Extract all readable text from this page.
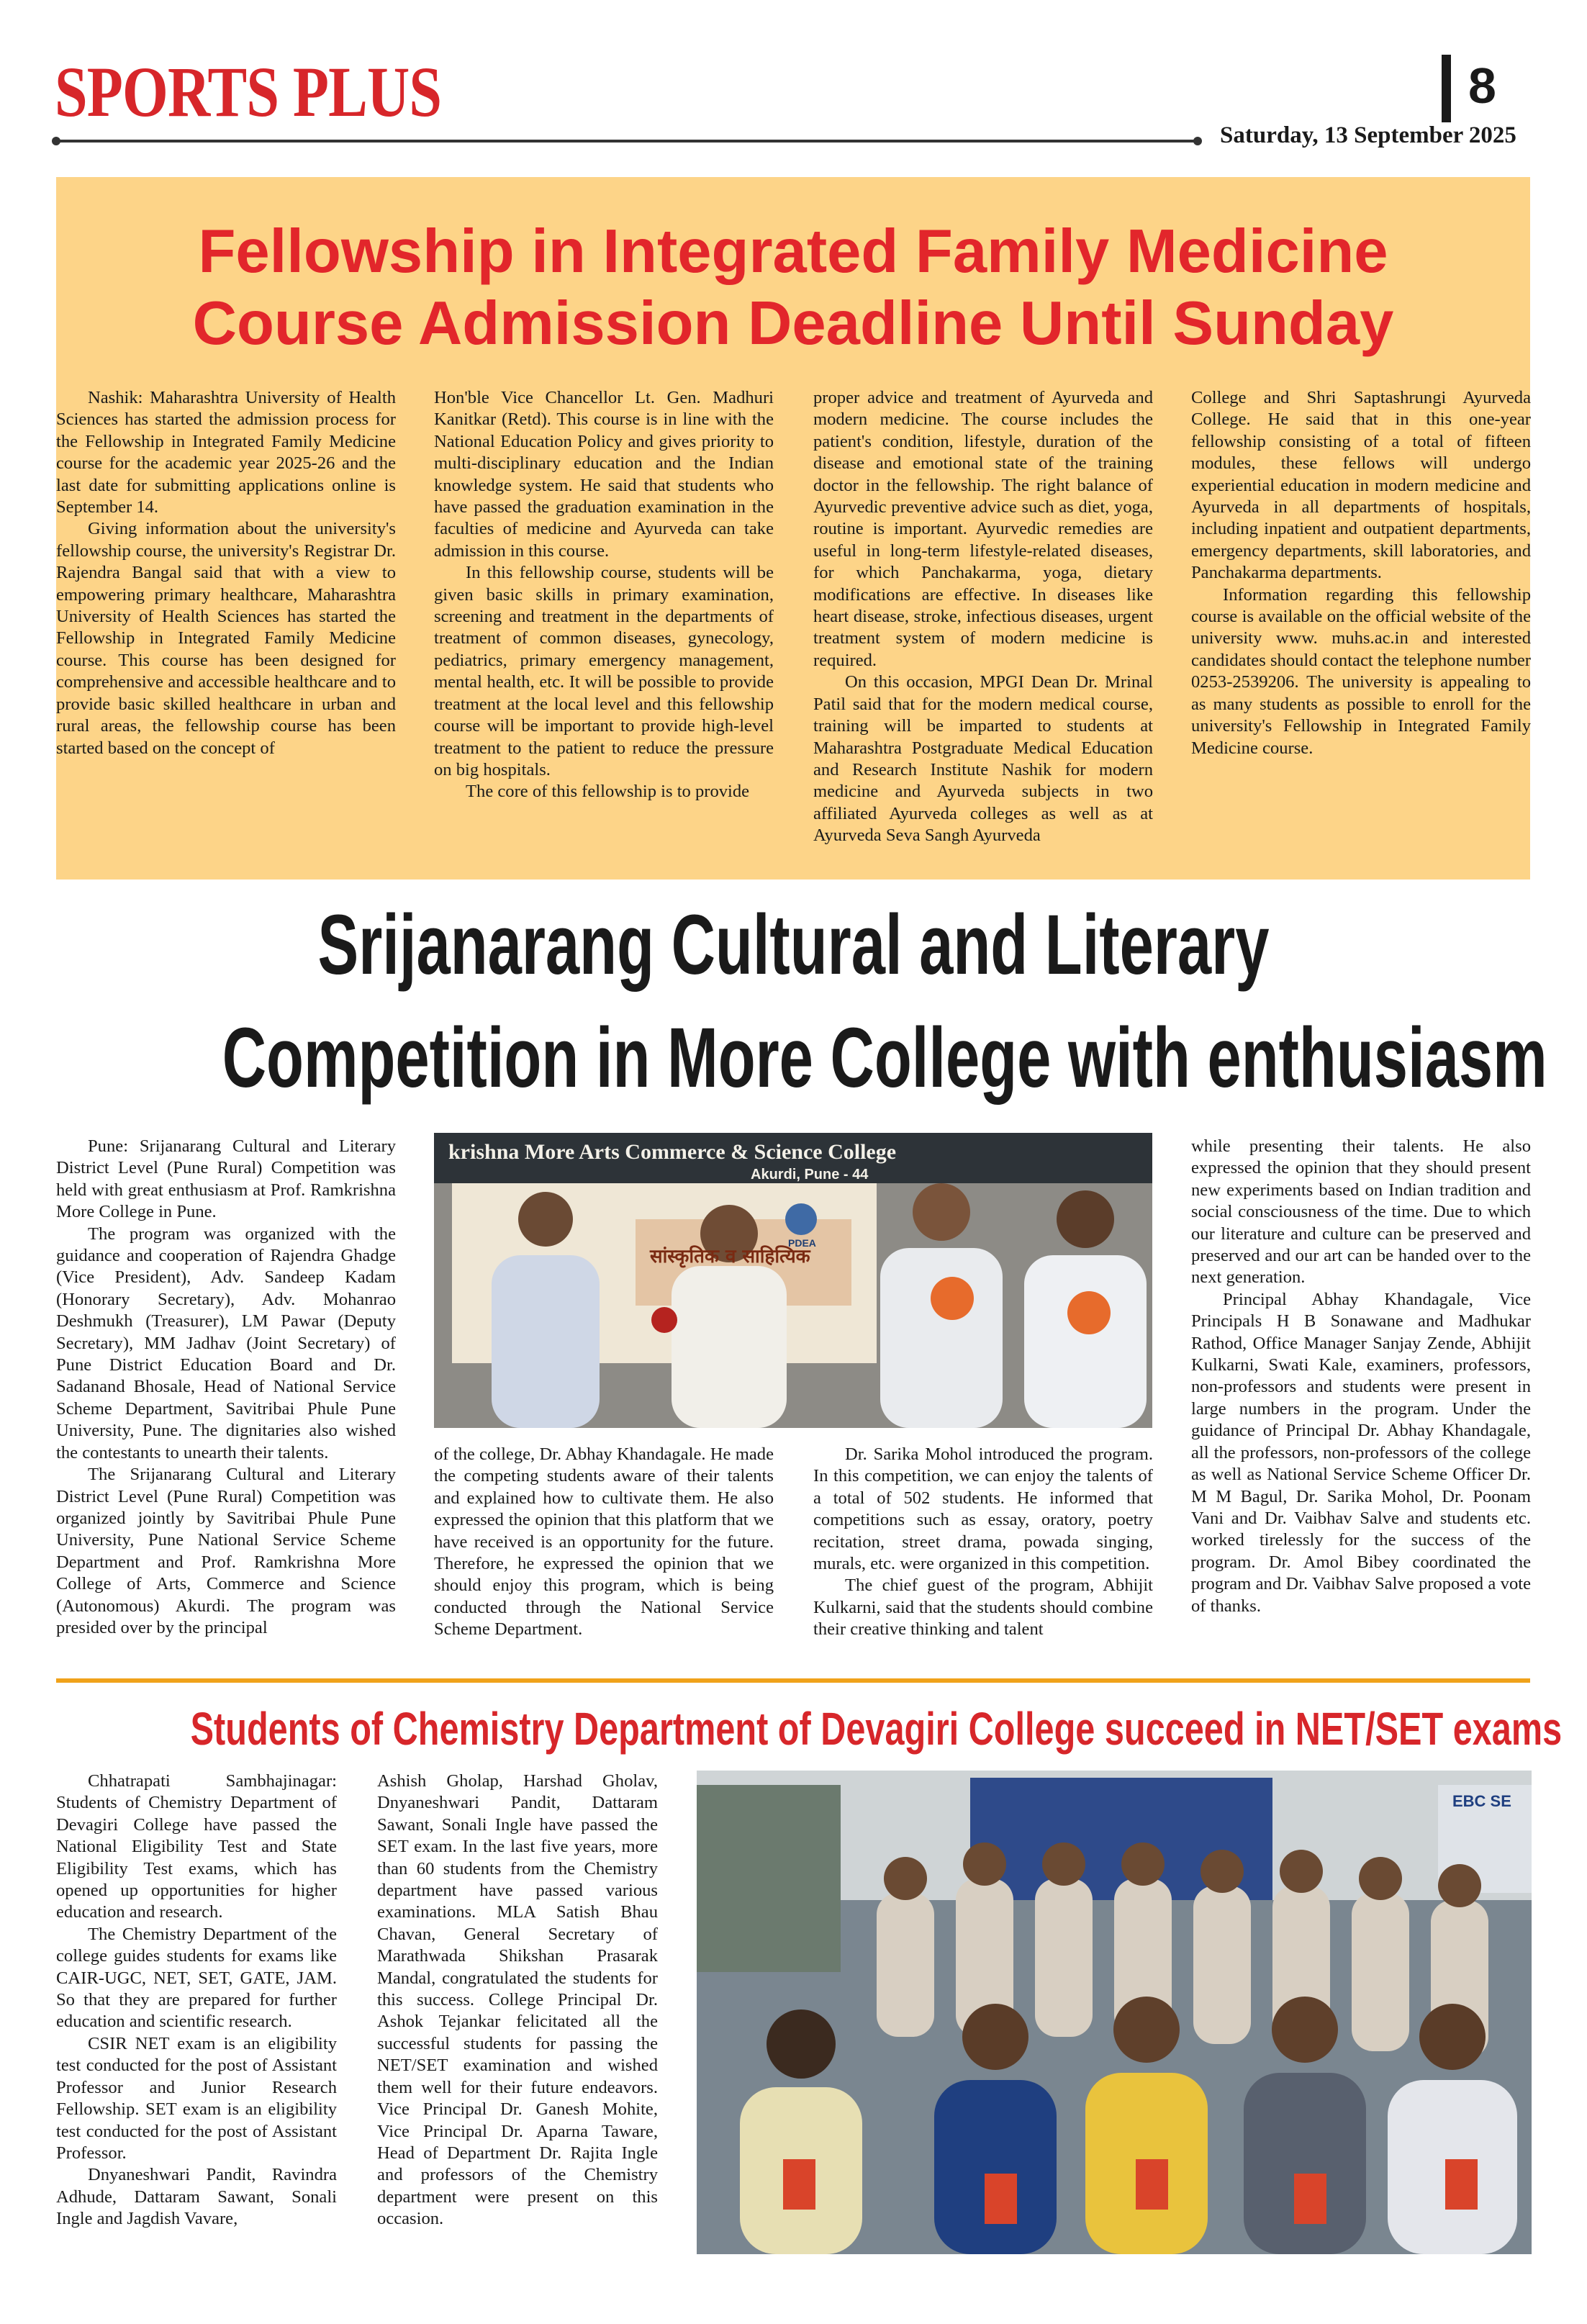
SPORTS PLUS	8
Saturday, 13 September 2025
Fellowship in Integrated Family Medicine
Course Admission Deadline Until Sunday

Nashik: Maharashtra University of Health Sciences has started the admission process for the Fellowship in Integrated Family Medicine course for the academic year 2025-26 and the last date for submitting applications online is September 14.

Giving information about the university's fellowship course, the university's Registrar Dr. Rajendra Bangal said that with a view to empowering primary healthcare, Maharashtra University of Health Sciences has started the Fellowship in Integrated Family Medicine course. This course has been designed for comprehensive and accessible healthcare and to provide basic skilled healthcare in urban and rural areas, the fellowship course has been started based on the concept of

Hon'ble Vice Chancellor Lt. Gen. Madhuri Kanitkar (Retd). This course is in line with the National Education Policy and gives priority to multi-disciplinary education and the Indian knowledge system. He said that students who have passed the graduation examination in the faculties of medicine and Ayurveda can take admission in this course.

In this fellowship course, students will be given basic skills in primary examination, screening and treatment in the departments of treatment of common diseases, gynecology, pediatrics, primary emergency management, mental health, etc. It will be possible to provide treatment at the local level and this fellowship course will be important to provide high-level treatment to the patient to reduce the pressure on big hospitals.

The core of this fellowship is to provide

proper advice and treatment of Ayurveda and modern medicine. The course includes the patient's condition, lifestyle, duration of the disease and emotional state of the training doctor in the fellowship. The right balance of Ayurvedic preventive advice such as diet, yoga, routine is important. Ayurvedic remedies are useful in long-term lifestyle-related diseases, for which Panchakarma, yoga, dietary modifications are effective. In diseases like heart disease, stroke, infectious diseases, urgent treatment system of modern medicine is required.

On this occasion, MPGI Dean Dr. Mrinal Patil said that for the modern medical course, training will be imparted to students at Maharashtra Postgraduate Medical Education and Research Institute Nashik for modern medicine and Ayurveda subjects in two affiliated Ayurveda colleges as well as at Ayurveda Seva Sangh Ayurveda

College and Shri Saptashrungi Ayurveda College. He said that in this one-year fellowship consisting of a total of fifteen modules, these fellows will undergo experiential education in modern medicine and Ayurveda in all departments of hospitals, including inpatient and outpatient departments, emergency departments, skill laboratories, and Panchakarma departments.

Information regarding this fellowship course is available on the official website of the university www. muhs.ac.in and interested candidates should contact the telephone number 0253-2539206. The university is appealing to as many students as possible to enroll for the university's Fellowship in Integrated Family Medicine course.

Srijanarang Cultural and Literary
Competition in More College with enthusiasm

Pune: Srijanarang Cultural and Literary District Level (Pune Rural) Competition was held with great enthusiasm at Prof. Ramkrishna More College in Pune.

The program was organized with the guidance and cooperation of Rajendra Ghadge (Vice President), Adv. Sandeep Kadam (Honorary Secretary), Adv. Mohanrao Deshmukh (Treasurer), LM Pawar (Deputy Secretary), MM Jadhav (Joint Secretary) of Pune District Education Board and Dr. Sadanand Bhosale, Head of National Service Scheme Department, Savitribai Phule Pune University, Pune. The dignitaries also wished the contestants to unearth their talents.

The Srijanarang Cultural and Literary District Level (Pune Rural) Competition was organized jointly by Savitribai Phule Pune University, Pune National Service Scheme Department and Prof. Ramkrishna More College of Arts, Commerce and Science (Autonomous) Akurdi. The program was presided over by the principal

krishna More Arts Commerce & Science College
Akurdi, Pune - 44
सांस्कृतिक व साहित्यिक
PDEA

of the college, Dr. Abhay Khandagale. He made the competing students aware of their talents and explained how to cultivate them. He also expressed the opinion that this platform that we have received is an opportunity for the future. Therefore, he expressed the opinion that we should enjoy this program, which is being conducted through the National Service Scheme Department.

Dr. Sarika Mohol introduced the program. In this competition, we can enjoy the talents of a total of 502 students. He informed that competitions such as essay, oratory, poetry recitation, street drama, powada singing, murals, etc. were organized in this competition.

The chief guest of the program, Abhijit Kulkarni, said that the students should combine their creative thinking and talent

while presenting their talents. He also expressed the opinion that they should present new experiments based on Indian tradition and social consciousness of the time. Due to which our literature and culture can be preserved and preserved and our art can be handed over to the next generation.

Principal Abhay Khandagale, Vice Principals H B Sonawane and Madhukar Rathod, Office Manager Sanjay Zende, Abhijit Kulkarni, Swati Kale, examiners, professors, non-professors and students were present in large numbers in the program. Under the guidance of Principal Dr. Abhay Khandagale, all the professors, non-professors of the college as well as National Service Scheme Officer Dr. M M Bagul, Dr. Sarika Mohol, Dr. Poonam Vani and Dr. Vaibhav Salve and students etc. worked tirelessly for the success of the program. Dr. Amol Bibey coordinated the program and Dr. Vaibhav Salve proposed a vote of thanks.

Students of Chemistry Department of Devagiri College succeed in NET/SET exams

Chhatrapati Sambhajinagar: Students of Chemistry Department of Devagiri College have passed the National Eligibility Test and State Eligibility Test exams, which has opened up opportunities for higher education and research.

The Chemistry Department of the college guides students for exams like CAIR-UGC, NET, SET, GATE, JAM. So that they are prepared for further education and scientific research.

CSIR NET exam is an eligibility test conducted for the post of Assistant Professor and Junior Research Fellowship. SET exam is an eligibility test conducted for the post of Assistant Professor.

Dnyaneshwari Pandit, Ravindra Adhude, Dattaram Sawant, Sonali Ingle and Jagdish Vavare,

Ashish Gholap, Harshad Gholav, Dnyaneshwari Pandit, Dattaram Sawant, Sonali Ingle have passed the SET exam. In the last five years, more than 60 students from the Chemistry department have passed various examinations. MLA Satish Bhau Chavan, General Secretary of Marathwada Shikshan Prasarak Mandal, congratulated the students for this success. College Principal Dr. Ashok Tejankar felicitated all the successful students for passing the NET/SET examination and wished them well for their future endeavors. Vice Principal Dr. Ganesh Mohite, Vice Principal Dr. Aparna Taware, Head of Department Dr. Rajita Ingle and professors of the Chemistry department were present on this occasion.

EBC SE
